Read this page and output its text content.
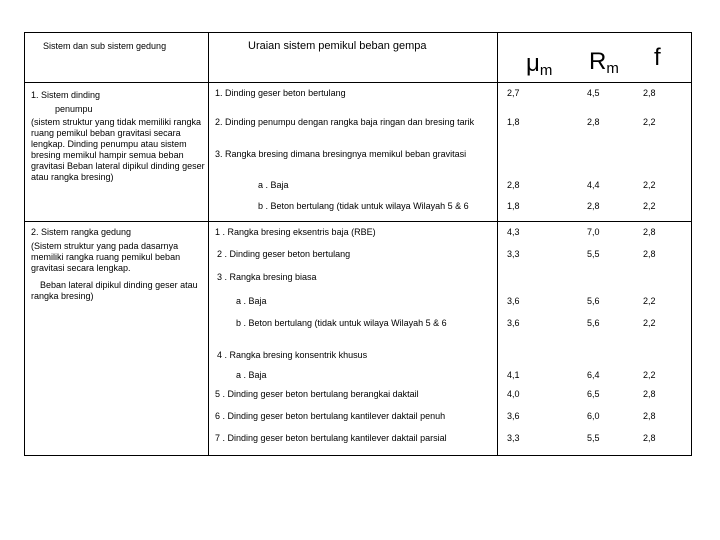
Sistem dan sub sistem gedung	Uraian sistem pemikul beban gempa
μm Rm f
1. Sistem dinding
penumpu
(sistem struktur yang tidak memiliki rangka ruang pemikul beban gravitasi secara lengkap. Dinding penumpu atau sistem bresing memikul hampir semua beban gravitasi Beban lateral dipikul dinding geser atau rangka bresing)
2. Sistem rangka gedung
(Sistem struktur yang pada dasarnya memiliki rangka ruang pemikul beban gravitasi secara lengkap.
Beban lateral dipikul dinding geser atau rangka bresing)
1. Dinding geser beton bertulang
2. Dinding penumpu dengan rangka baja ringan dan bresing tarik
3. Rangka bresing dimana bresingnya memikul beban gravitasi
a . Baja
b . Beton bertulang (tidak untuk wilaya Wilayah 5 & 6
1 . Rangka bresing eksentris baja (RBE)
2 . Dinding geser beton bertulang
3 . Rangka bresing biasa
a . Baja
b . Beton bertulang (tidak untuk wilaya Wilayah 5 & 6
4 . Rangka bresing konsentrik khusus
a . Baja
5 . Dinding geser beton bertulang berangkai daktail
6 . Dinding geser beton bertulang kantilever daktail penuh
7 . Dinding geser beton bertulang kantilever daktail parsial
2,7
1,8
2,8
1,8
4,3
3,3
3,6
3,6
4,1
4,0
3,6
3,3
4,5
2,8
4,4
2,8
7,0
5,5
5,6
5,6
6,4
6,5
6,0
5,5
2,8
2,2
2,2
2,2
2,8
2,8
2,2
2,2
2,2
2,8
2,8
2,8
